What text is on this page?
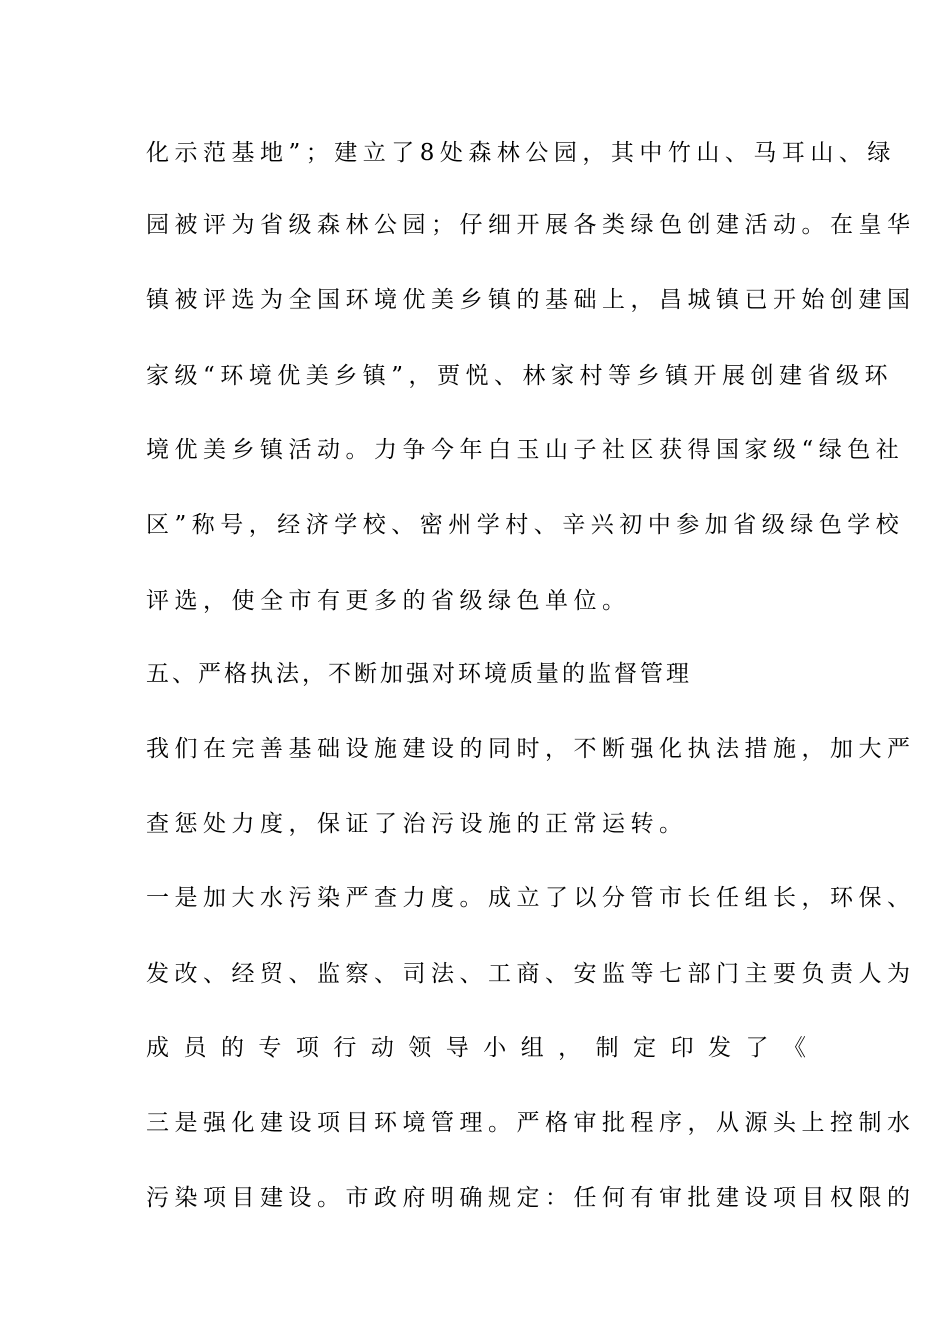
化示范基地”；建立了8处森林公园，其中竹山、马耳山、绿
园被评为省级森林公园；仔细开展各类绿色创建活动。在皇华
镇被评选为全国环境优美乡镇的基础上，昌城镇已开始创建国
家级“环境优美乡镇”，贾悦、林家村等乡镇开展创建省级环
境优美乡镇活动。力争今年白玉山子社区获得国家级“绿色社
区”称号，经济学校、密州学村、辛兴初中参加省级绿色学校
评选，使全市有更多的省级绿色单位。
五、严格执法，不断加强对环境质量的监督管理
我们在完善基础设施建设的同时，不断强化执法措施，加大严
查惩处力度，保证了治污设施的正常运转。
一是加大水污染严查力度。成立了以分管市长任组长，环保、
发改、经贸、监察、司法、工商、安监等七部门主要负责人为
成 员 的 专 项 行 动 领 导 小 组 ， 制 定 印 发 了 《
三是强化建设项目环境管理。严格审批程序，从源头上控制水
污染项目建设。市政府明确规定：任何有审批建设项目权限的
